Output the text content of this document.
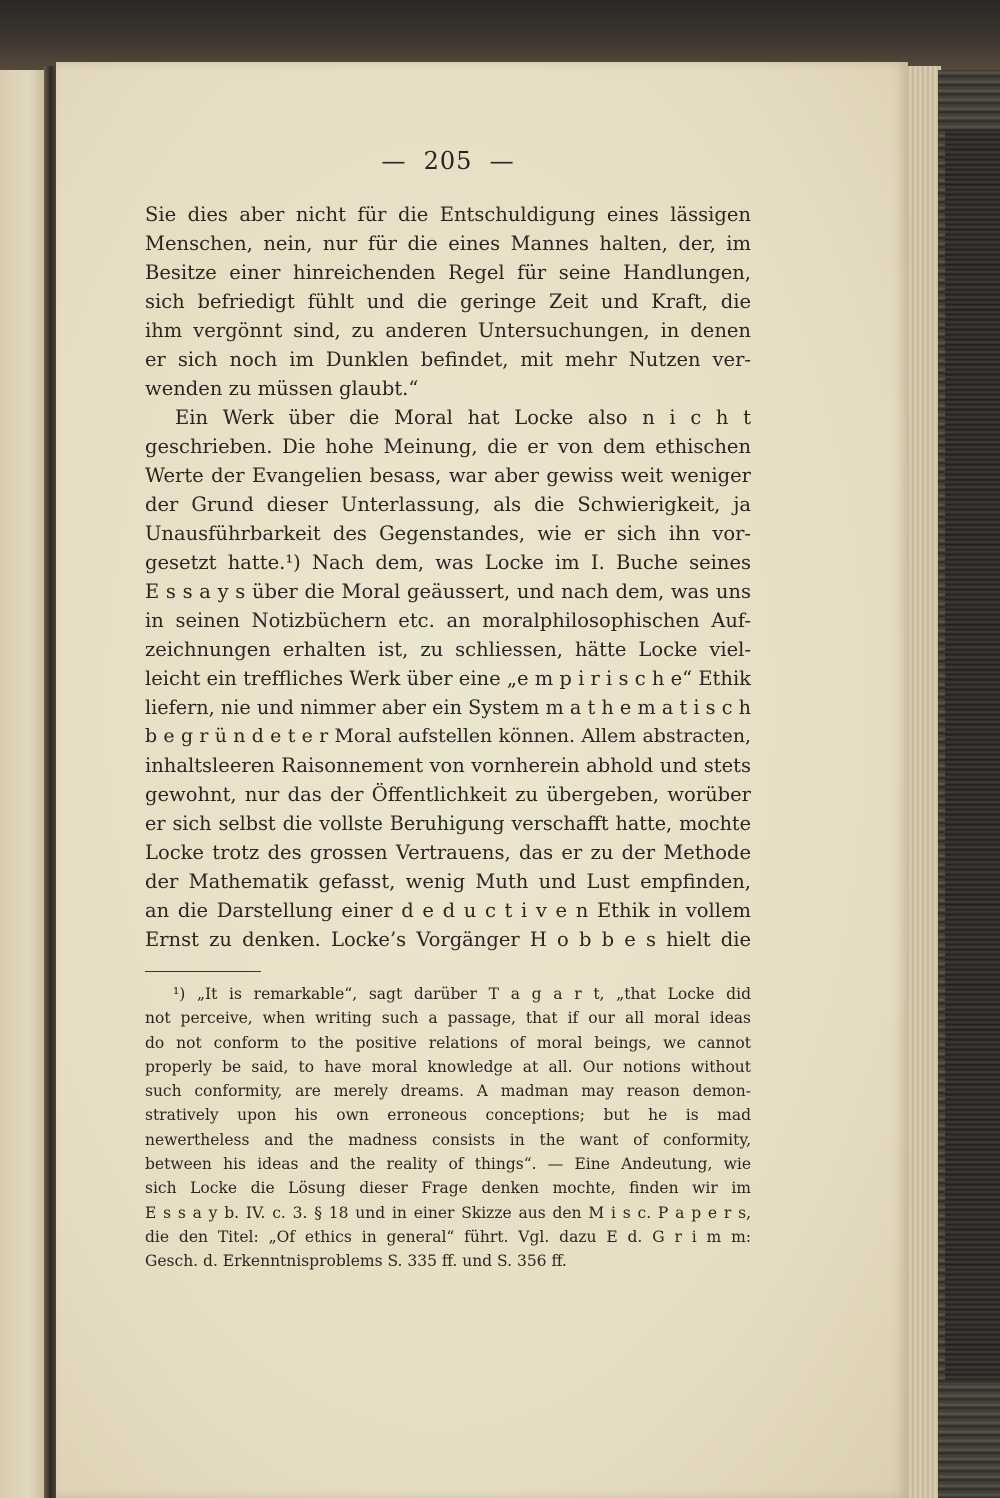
—  205  —
Sie dies aber nicht für die Entschuldigung eines lässigen
Menschen, nein, nur für die eines Mannes halten, der, im
Besitze einer hinreichenden Regel für seine Handlungen,
sich befriedigt fühlt und die geringe Zeit und Kraft, die
ihm vergönnt sind, zu anderen Untersuchungen, in denen
er sich noch im Dunklen befindet, mit mehr Nutzen ver-
wenden zu müssen glaubt.“
Ein Werk über die Moral hat Locke also n i c h t
geschrieben. Die hohe Meinung, die er von dem ethischen
Werte der Evangelien besass, war aber gewiss weit weniger
der Grund dieser Unterlassung, als die Schwierigkeit, ja
Unausführbarkeit des Gegenstandes, wie er sich ihn vor-
gesetzt hatte.¹) Nach dem, was Locke im I. Buche seines
E s s a y s über die Moral geäussert, und nach dem, was uns
in seinen Notizbüchern etc. an moralphilosophischen Auf-
zeichnungen erhalten ist, zu schliessen, hätte Locke viel-
leicht ein treffliches Werk über eine „e m p i r i s c h e“ Ethik
liefern, nie und nimmer aber ein System m a t h e m a t i s c h
b e g r ü n d e t e r Moral aufstellen können. Allem abstracten,
inhaltsleeren Raisonnement von vornherein abhold und stets
gewohnt, nur das der Öffentlichkeit zu übergeben, worüber
er sich selbst die vollste Beruhigung verschafft hatte, mochte
Locke trotz des grossen Vertrauens, das er zu der Methode
der Mathematik gefasst, wenig Muth und Lust empfinden,
an die Darstellung einer d e d u c t i v e n Ethik in vollem
Ernst zu denken. Locke’s Vorgänger H o b b e s hielt die
¹) „It is remarkable“, sagt darüber T a g a r t, „that Locke did
not perceive, when writing such a passage, that if our all moral ideas
do not conform to the positive relations of moral beings, we cannot
properly be said, to have moral knowledge at all. Our notions without
such conformity, are merely dreams. A madman may reason demon-
stratively upon his own erroneous conceptions; but he is mad
newertheless and the madness consists in the want of conformity,
between his ideas and the reality of things“. — Eine Andeutung, wie
sich Locke die Lösung dieser Frage denken mochte, finden wir im
E s s a y b. IV. c. 3. § 18 und in einer Skizze aus den M i s c. P a p e r s,
die den Titel: „Of ethics in general“ führt. Vgl. dazu E d. G r i m m:
Gesch. d. Erkenntnisproblems S. 335 ff. und S. 356 ff.
